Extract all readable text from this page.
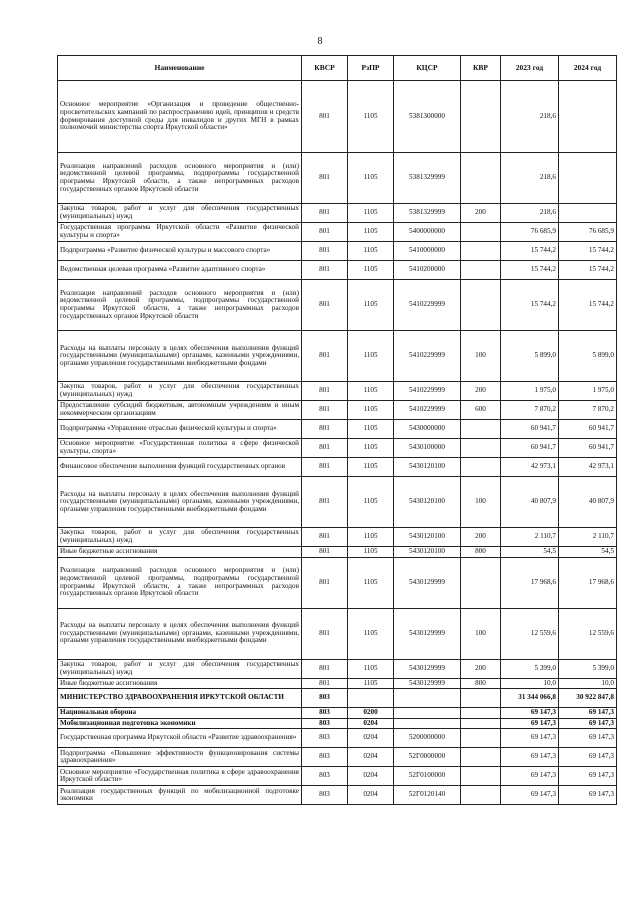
8
Наименование	КВСР	РзПР	КЦСР	КВР	2023 год	2024 год
Основное мероприятие «Организация и проведение общественно-просветительских кампаний по распространению идей, принципов и средств формирования доступной среды для инвалидов и других МГН в рамках полномочий министерства спорта Иркутской области»	801	1105	5381300000		218,6	
Реализация направлений расходов основного мероприятия и (или) ведомственной целевой программы, подпрограммы государственной программы Иркутской области, а также непрограммных расходов государственных органов Иркутской области	801	1105	5381329999		218,6	
Закупка товаров, работ и услуг для обеспечения государственных (муниципальных) нужд	801	1105	5381329999	200	218,6	
Государственная программа Иркутской области «Развитие физической культуры и спорта»	801	1105	5400000000		76 685,9	76 685,9
Подпрограмма «Развитие физической культуры и массового спорта»	801	1105	5410000000		15 744,2	15 744,2
Ведомственная целевая программа «Развитие адаптивного спорта»	801	1105	5410200000		15 744,2	15 744,2
Реализация направлений расходов основного мероприятия и (или) ведомственной целевой программы, подпрограммы государственной программы Иркутской области, а также непрограммных расходов государственных органов Иркутской области	801	1105	5410229999		15 744,2	15 744,2
Расходы на выплаты персоналу в целях обеспечения выполнения функций государственными (муниципальными) органами, казенными учреждениями, органами управления государственными внебюджетными фондами	801	1105	5410229999	100	5 899,0	5 899,0
Закупка товаров, работ и услуг для обеспечения государственных (муниципальных) нужд	801	1105	5410229999	200	1 975,0	1 975,0
Предоставление субсидий бюджетным, автономным учреждениям и иным некоммерческим организациям	801	1105	5410229999	600	7 870,2	7 870,2
Подпрограмма «Управление отраслью физической культуры и спорта»	801	1105	5430000000		60 941,7	60 941,7
Основное мероприятие «Государственная политика в сфере физической культуры, спорта»	801	1105	5430100000		60 941,7	60 941,7
Финансовое обеспечение выполнения функций государственных органов	801	1105	5430120100		42 973,1	42 973,1
Расходы на выплаты персоналу в целях обеспечения выполнения функций государственными (муниципальными) органами, казенными учреждениями, органами управления государственными внебюджетными фондами	801	1105	5430120100	100	40 807,9	40 807,9
Закупка товаров, работ и услуг для обеспечения государственных (муниципальных) нужд	801	1105	5430120100	200	2 110,7	2 110,7
Иные бюджетные ассигнования	801	1105	5430120100	800	54,5	54,5
Реализация направлений расходов основного мероприятия и (или) ведомственной целевой программы, подпрограммы государственной программы Иркутской области, а также непрограммных расходов государственных органов Иркутской области	801	1105	5430129999		17 968,6	17 968,6
Расходы на выплаты персоналу в целях обеспечения выполнения функций государственными (муниципальными) органами, казенными учреждениями, органами управления государственными внебюджетными фондами	801	1105	5430129999	100	12 559,6	12 559,6
Закупка товаров, работ и услуг для обеспечения государственных (муниципальных) нужд	801	1105	5430129999	200	5 399,0	5 399,0
Иные бюджетные ассигнования	801	1105	5430129999	800	10,0	10,0
МИНИСТЕРСТВО ЗДРАВООХРАНЕНИЯ ИРКУТСКОЙ ОБЛАСТИ	803				31 344 066,8	30 922 847,8
Национальная оборона	803	0200			69 147,3	69 147,3
Мобилизационная подготовка экономики	803	0204			69 147,3	69 147,3
Государственная программа Иркутской области «Развитие здравоохранения»	803	0204	5200000000		69 147,3	69 147,3
Подпрограмма «Повышение эффективности функционирования системы здравоохранения»	803	0204	52Г0000000		69 147,3	69 147,3
Основное мероприятие «Государственная политика в сфере здравоохранения Иркутской области»	803	0204	52Г0100000		69 147,3	69 147,3
Реализация государственных функций по мобилизационной подготовке экономики	803	0204	52Г0120140		69 147,3	69 147,3
